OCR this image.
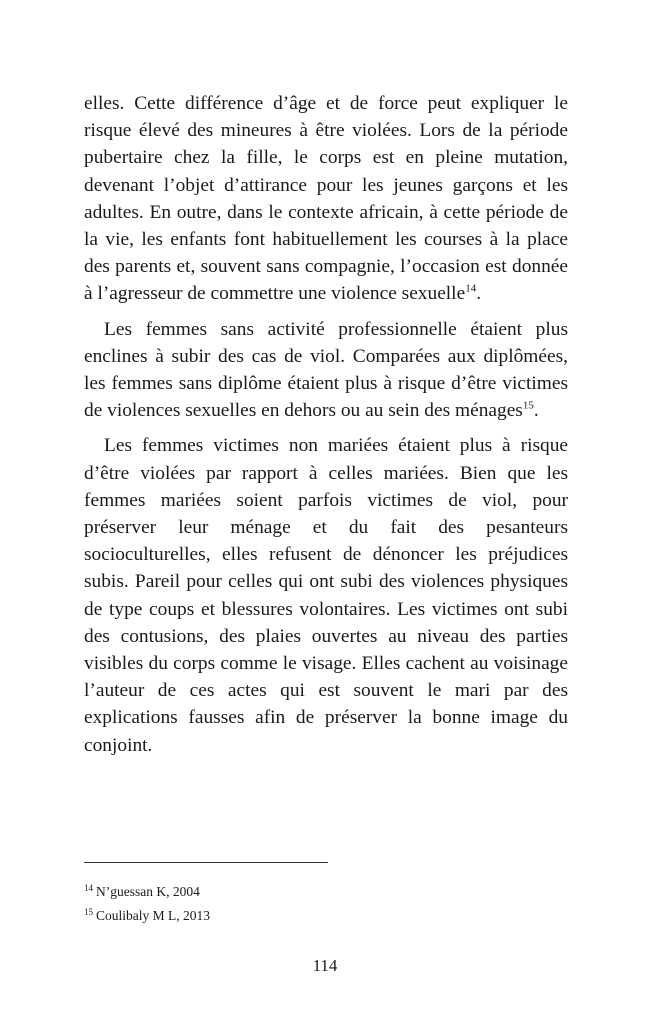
elles. Cette différence d’âge et de force peut expliquer le risque élevé des mineures à être violées. Lors de la période pubertaire chez la fille, le corps est en pleine mutation, devenant l’objet d’attirance pour les jeunes garçons et les adultes. En outre, dans le contexte africain, à cette période de la vie, les enfants font habituellement les courses à la place des parents et, souvent sans compagnie, l’occasion est donnée à l’agresseur de commettre une violence sexuelle$^{14}$.

Les femmes sans activité professionnelle étaient plus enclines à subir des cas de viol. Comparées aux diplômées, les femmes sans diplôme étaient plus à risque d’être victimes de violences sexuelles en dehors ou au sein des ménages$^{15}$.

Les femmes victimes non mariées étaient plus à risque d’être violées par rapport à celles mariées. Bien que les femmes mariées soient parfois victimes de viol, pour préserver leur ménage et du fait des pesanteurs socioculturelles, elles refusent de dénoncer les préjudices subis. Pareil pour celles qui ont subi des violences physiques de type coups et blessures volontaires. Les victimes ont subi des contusions, des plaies ouvertes au niveau des parties visibles du corps comme le visage. Elles cachent au voisinage l’auteur de ces actes qui est souvent le mari par des explications fausses afin de préserver la bonne image du conjoint.

$^{14}$ N’guessan K, 2004
$^{15}$ Coulibaly M L, 2013
114
